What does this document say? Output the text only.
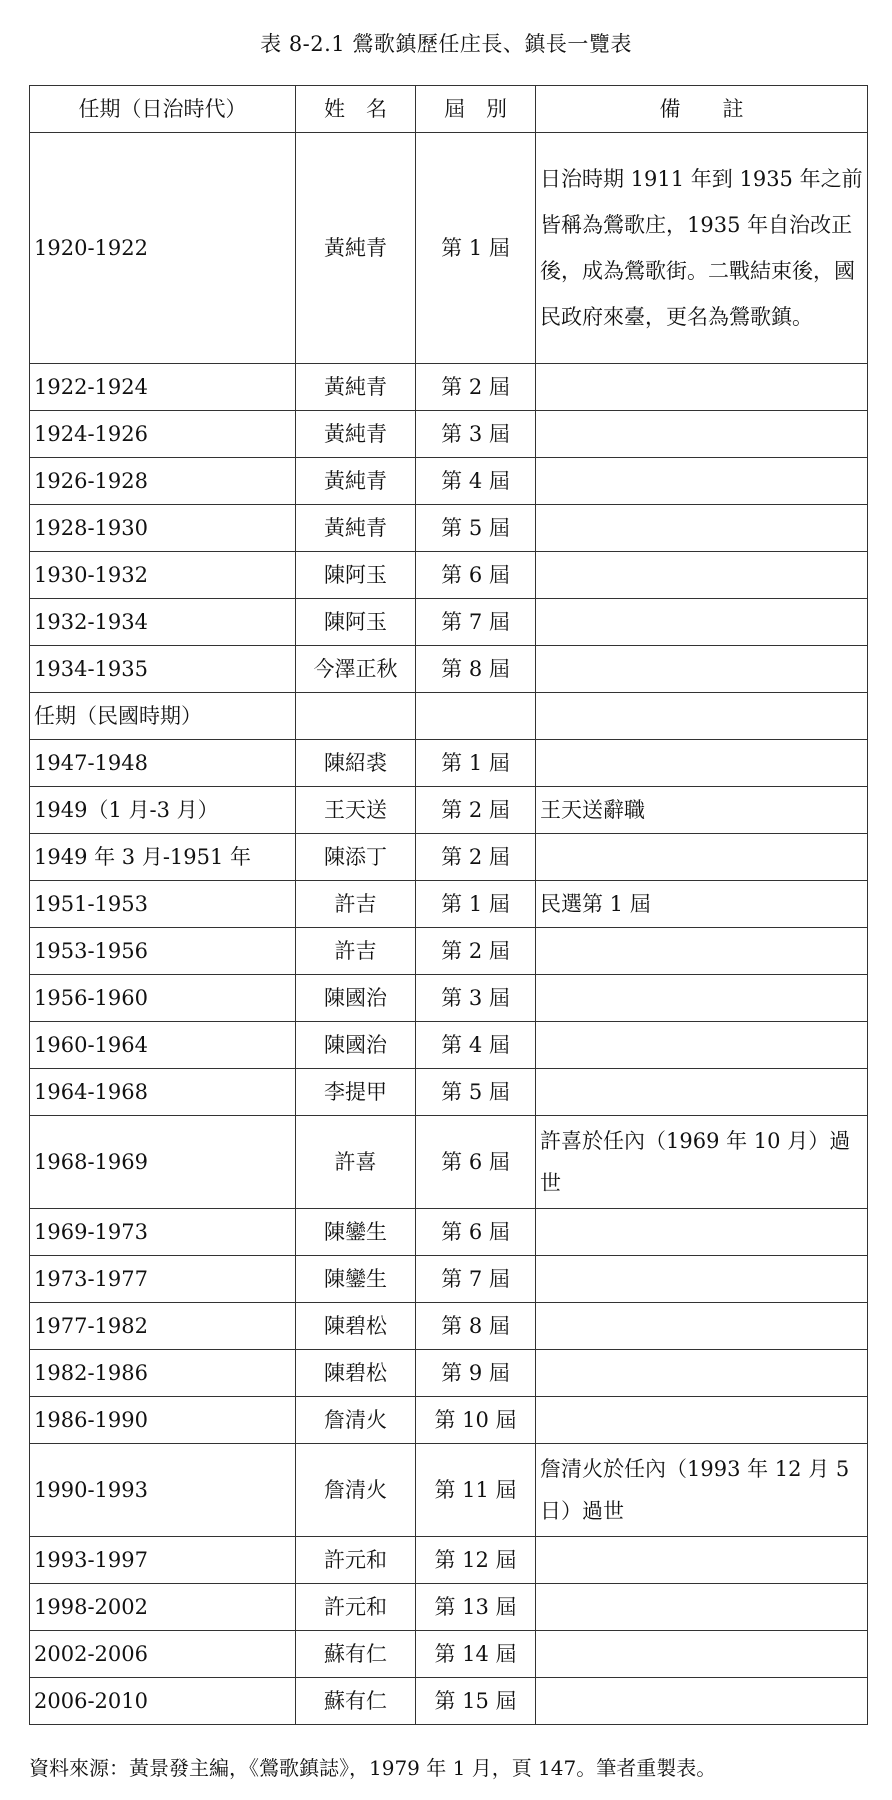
表 8-2.1 鶯歌鎮歷任庄長、鎮長一覽表
任期（日治時代）	姓　名	屆　別	備　　註
1920-1922	黃純青	第 1 屆	日治時期 1911 年到 1935 年之前皆稱為鶯歌庄，1935 年自治改正後，成為鶯歌街。二戰結束後，國民政府來臺，更名為鶯歌鎮。
1922-1924	黃純青	第 2 屆	
1924-1926	黃純青	第 3 屆	
1926-1928	黃純青	第 4 屆	
1928-1930	黃純青	第 5 屆	
1930-1932	陳阿玉	第 6 屆	
1932-1934	陳阿玉	第 7 屆	
1934-1935	今澤正秋	第 8 屆	
任期（民國時期）			
1947-1948	陳紹裘	第 1 屆	
1949（1 月-3 月）	王天送	第 2 屆	王天送辭職
1949 年 3 月-1951 年	陳添丁	第 2 屆	
1951-1953	許吉	第 1 屆	民選第 1 屆
1953-1956	許吉	第 2 屆	
1956-1960	陳國治	第 3 屆	
1960-1964	陳國治	第 4 屆	
1964-1968	李提甲	第 5 屆	
1968-1969	許喜	第 6 屆	許喜於任內（1969 年 10 月）過世
1969-1973	陳鑾生	第 6 屆	
1973-1977	陳鑾生	第 7 屆	
1977-1982	陳碧松	第 8 屆	
1982-1986	陳碧松	第 9 屆	
1986-1990	詹清火	第 10 屆	
1990-1993	詹清火	第 11 屆	詹清火於任內（1993 年 12 月 5 日）過世
1993-1997	許元和	第 12 屆	
1998-2002	許元和	第 13 屆	
2002-2006	蘇有仁	第 14 屆	
2006-2010	蘇有仁	第 15 屆	
資料來源：黃景發主編，《鶯歌鎮誌》，1979 年 1 月，頁 147。筆者重製表。
